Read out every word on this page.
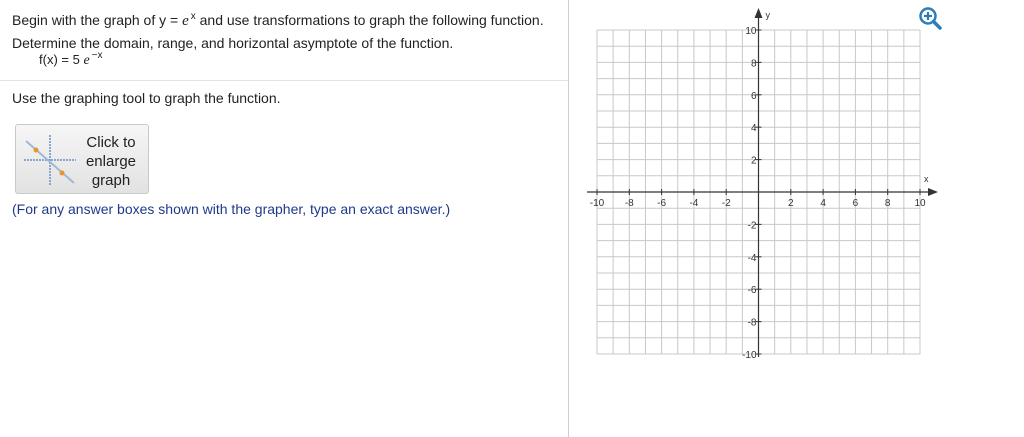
Begin with the graph of y = e $^x$ and use transformations to graph the following function. Determine the domain, range, and horizontal asymptote of the function.
f(x) = 5 e $^{-x}$
Use the graphing tool to graph the function.
Click to
enlarge
graph
(For any answer boxes shown with the grapher, type an exact answer.)
x
y
-10 -8 -6 -4 -2	2	4	6	8 10
10
8
6
4
2
-2
-4
-6
-8
-10
